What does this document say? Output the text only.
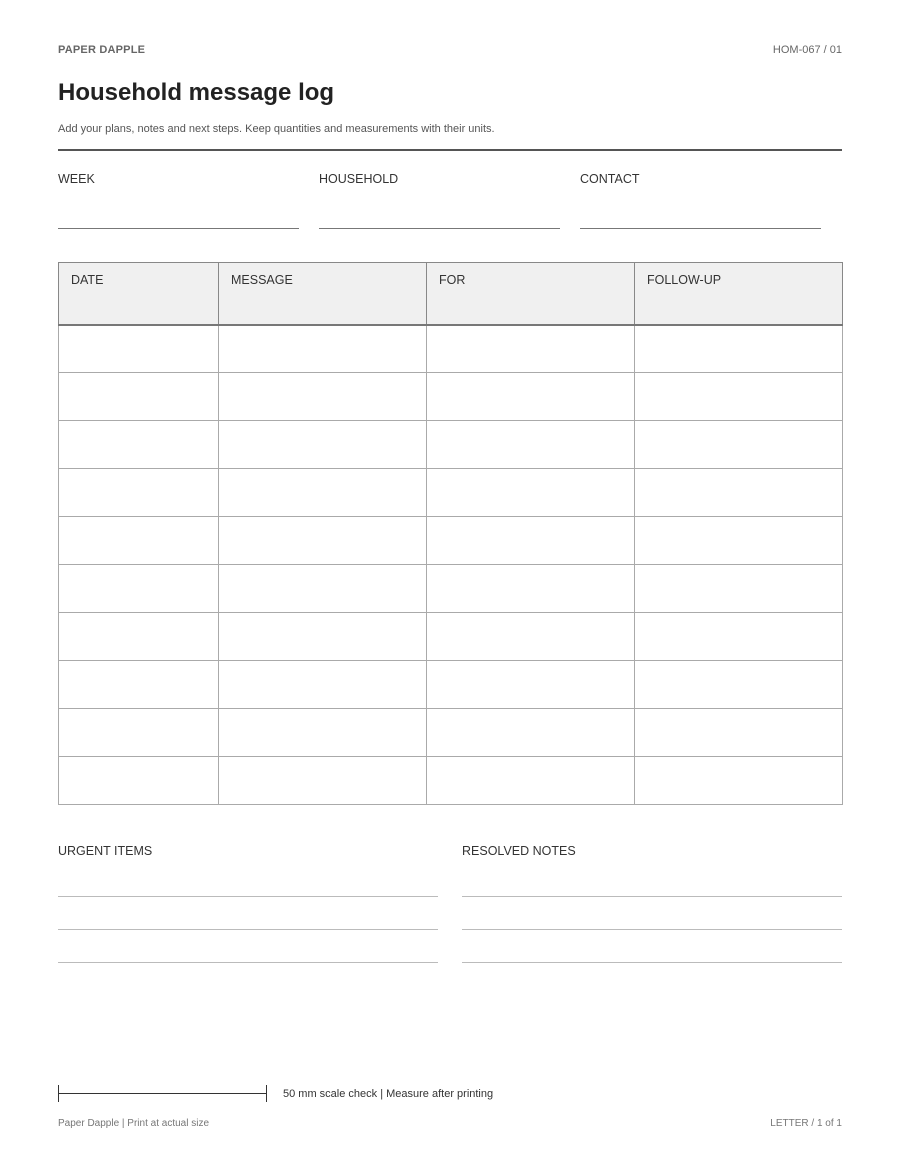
PAPER DAPPLE	HOM-067 / 01
Household message log
Add your plans, notes and next steps. Keep quantities and measurements with their units.
WEEK	HOUSEHOLD	CONTACT
DATE	MESSAGE	FOR	FOLLOW-UP

URGENT ITEMS	RESOLVED NOTES
50 mm scale check | Measure after printing
Paper Dapple | Print at actual size	LETTER / 1 of 1
